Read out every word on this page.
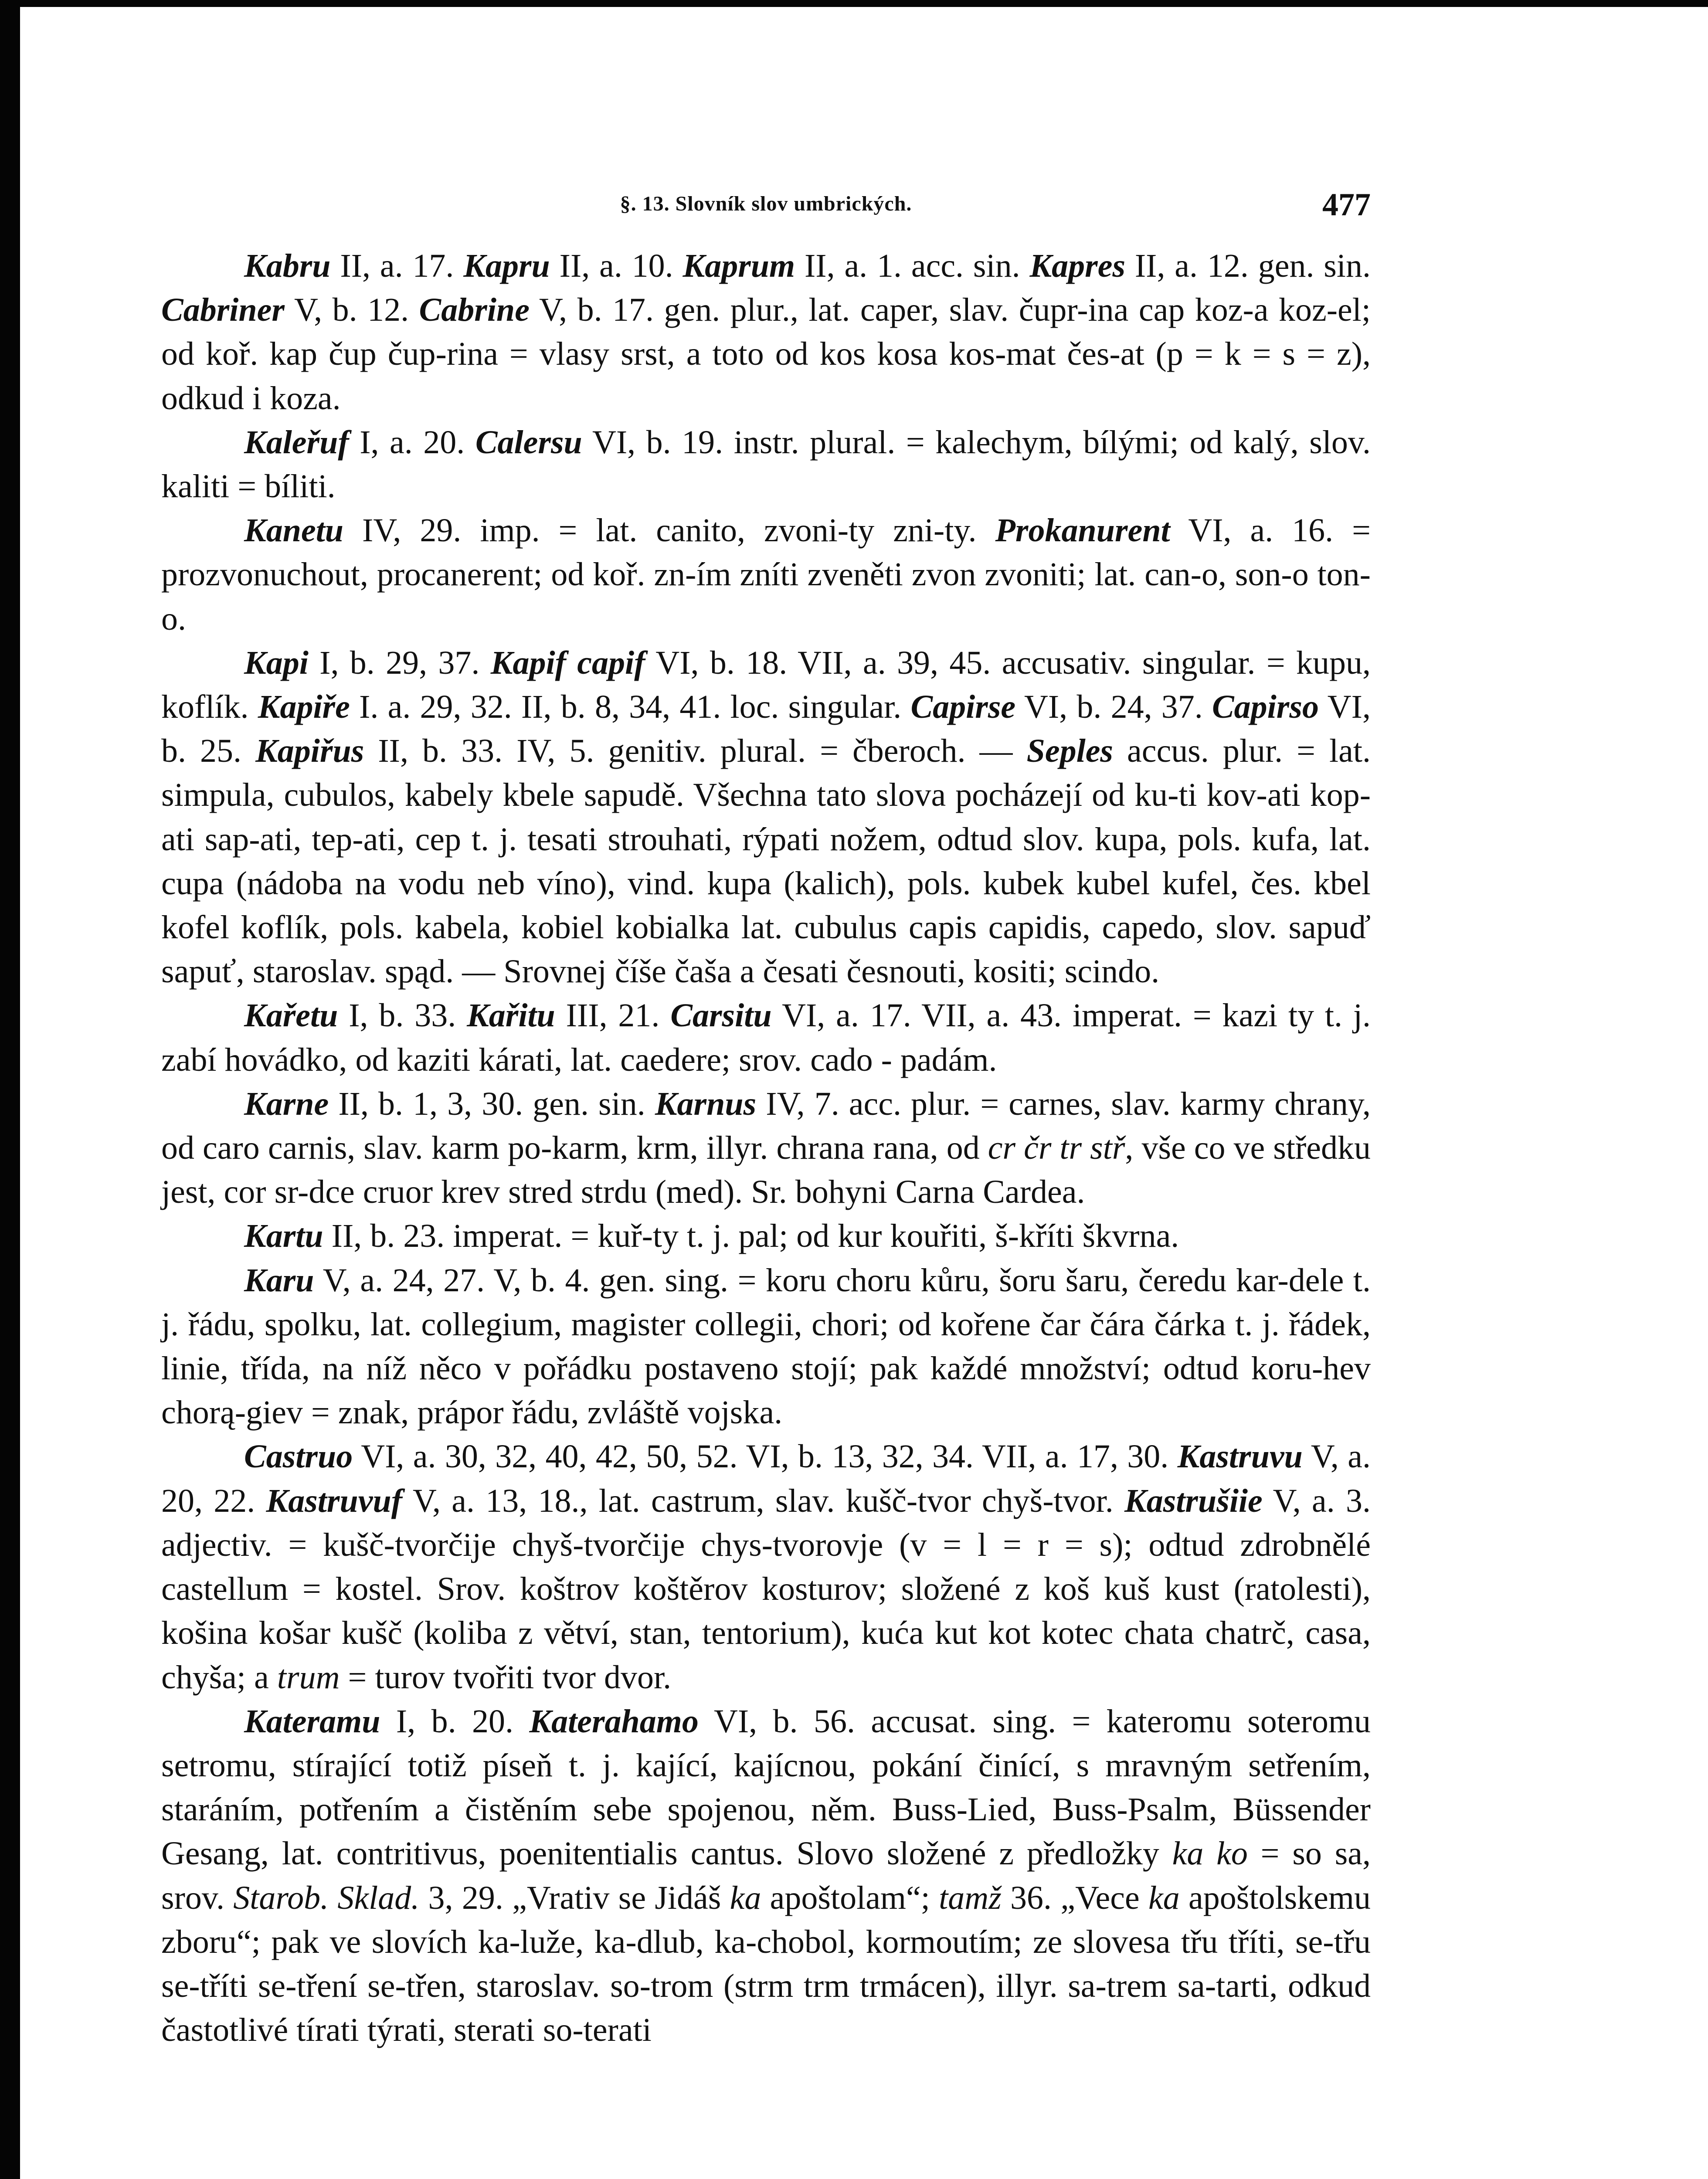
§. 13. Slovník slov umbrických.	477

Kabru II, a. 17. Kapru II, a. 10. Kaprum II, a. 1. acc. sin. Kapres II, a. 12. gen. sin. Cabriner V, b. 12. Cabrine V, b. 17. gen. plur., lat. caper, slav. čupr-ina cap koz-a koz-el; od koř. kap čup čup-rina = vlasy srst, a toto od kos kosa kos-mat čes-at (p = k = s = z), odkud i koza.

Kaleřuf I, a. 20. Calersu VI, b. 19. instr. plural. = kalechym, bílými; od kalý, slov. kaliti = bíliti.

Kanetu IV, 29. imp. = lat. canito, zvoni-ty zni-ty. Prokanurent VI, a. 16. = prozvonuchout, procanerent; od koř. zn-ím zníti zveněti zvon zvoniti; lat. can-o, son-o ton-o.

Kapi I, b. 29, 37. Kapif capif VI, b. 18. VII, a. 39, 45. accusativ. singular. = kupu, koflík. Kapiře I. a. 29, 32. II, b. 8, 34, 41. loc. singular. Capirse VI, b. 24, 37. Capirso VI, b. 25. Kapiřus II, b. 33. IV, 5. genitiv. plural. = čberoch. — Seples accus. plur. = lat. simpula, cubulos, kabely kbele sapudě. Všechna tato slova pocházejí od ku-ti kov-ati kop-ati sap-ati, tep-ati, cep t. j. tesati strouhati, rýpati nožem, odtud slov. kupa, pols. kufa, lat. cupa (nádoba na vodu neb víno), vind. kupa (kalich), pols. kubek kubel kufel, čes. kbel kofel koflík, pols. kabela, kobiel kobialka lat. cubulus capis capidis, capedo, slov. sapuď sapuť, staroslav. spąd. — Srovnej číše čaša a česati česnouti, kositi; scindo.

Kařetu I, b. 33. Kařitu III, 21. Carsitu VI, a. 17. VII, a. 43. imperat. = kazi ty t. j. zabí hovádko, od kaziti kárati, lat. caedere; srov. cado - padám.

Karne II, b. 1, 3, 30. gen. sin. Karnus IV, 7. acc. plur. = carnes, slav. karmy chrany, od caro carnis, slav. karm po-karm, krm, illyr. chrana rana, od cr čr tr stř, vše co ve středku jest, cor sr-dce cruor krev stred strdu (med). Sr. bohyni Carna Cardea.

Kartu II, b. 23. imperat. = kuř-ty t. j. pal; od kur kouřiti, š-kříti škvrna.

Karu V, a. 24, 27. V, b. 4. gen. sing. = koru choru kůru, šoru šaru, čeredu kar-dele t. j. řádu, spolku, lat. collegium, magister collegii, chori; od kořene čar čára čárka t. j. řádek, linie, třída, na níž něco v pořádku postaveno stojí; pak každé množství; odtud koru-hev chorą-giev = znak, prápor řádu, zvláště vojska.

Castruo VI, a. 30, 32, 40, 42, 50, 52. VI, b. 13, 32, 34. VII, a. 17, 30. Kastruvu V, a. 20, 22. Kastruvuf V, a. 13, 18., lat. castrum, slav. kušč-tvor chyš-tvor. Kastrušiie V, a. 3. adjectiv. = kušč-tvorčije chyš-tvorčije chys-tvorovje (v = l = r = s); odtud zdrobnělé castellum = kostel. Srov. koštrov koštěrov kosturov; složené z koš kuš kust (ratolesti), košina košar kušč (koliba z větví, stan, tentorium), kuća kut kot kotec chata chatrč, casa, chyša; a trum = turov tvořiti tvor dvor.

Kateramu I, b. 20. Katerahamo VI, b. 56. accusat. sing. = kateromu soteromu setromu, stírající totiž píseň t. j. kající, kajícnou, pokání činící, s mravným setřením, staráním, potřením a čistěním sebe spojenou, něm. Buss-Lied, Buss-Psalm, Büssender Gesang, lat. contritivus, poenitentialis cantus. Slovo složené z předložky ka ko = so sa, srov. Starob. Sklad. 3, 29. „Vrativ se Jidáš ka apoštolam“; tamž 36. „Vece ka apoštolskemu zboru“; pak ve slovích ka-luže, ka-dlub, ka-chobol, kormoutím; ze slovesa třu tříti, se-třu se-tříti se-tření se-třen, staroslav. so-trom (strm trm trmácen), illyr. sa-trem sa-tarti, odkud častotlivé tírati týrati, sterati so-terati
